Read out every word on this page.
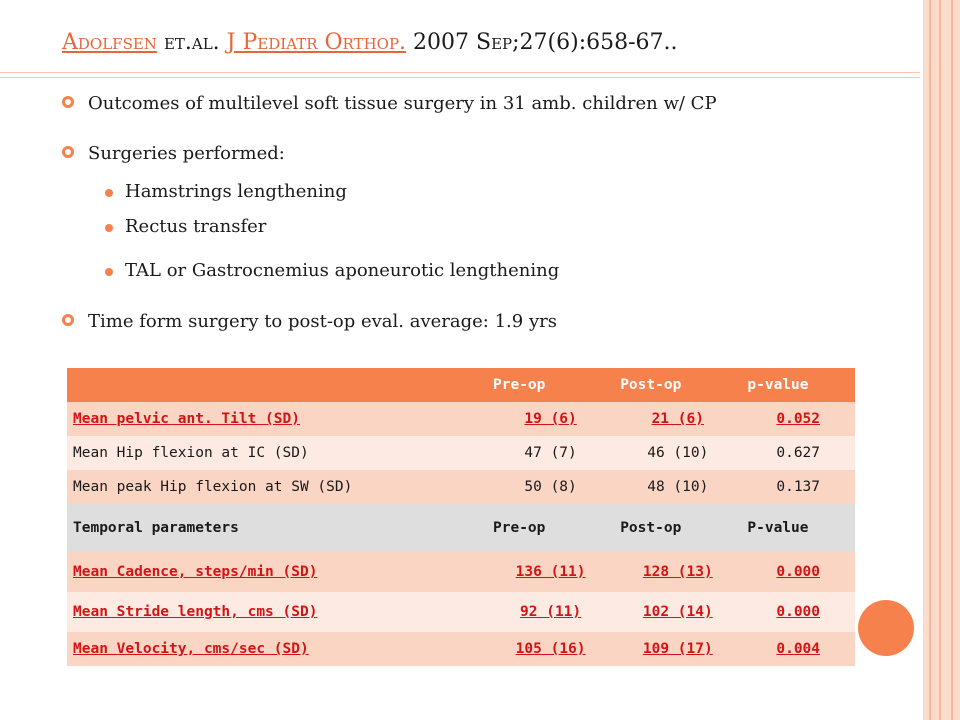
Adolfsen et.al. J Pediatr Orthop. 2007 Sep;27(6):658-67..
Outcomes of multilevel soft tissue surgery in 31 amb. children w/ CP
Surgeries performed:
Hamstrings lengthening
Rectus transfer
TAL or Gastrocnemius aponeurotic lengthening
Time form surgery to post-op eval. average: 1.9 yrs
	Pre-op	Post-op	p-value
Mean pelvic ant. Tilt (SD)	19 (6)	21 (6)	0.052
Mean Hip flexion at IC (SD)	47 (7)	46 (10)	0.627
Mean peak Hip flexion at SW (SD)	50 (8)	48 (10)	0.137
Temporal parameters	Pre-op	Post-op	P-value
Mean Cadence, steps/min (SD)	136 (11)	128 (13)	0.000
Mean Stride length, cms (SD)	92 (11)	102 (14)	0.000
Mean Velocity, cms/sec (SD)	105 (16)	109 (17)	0.004
